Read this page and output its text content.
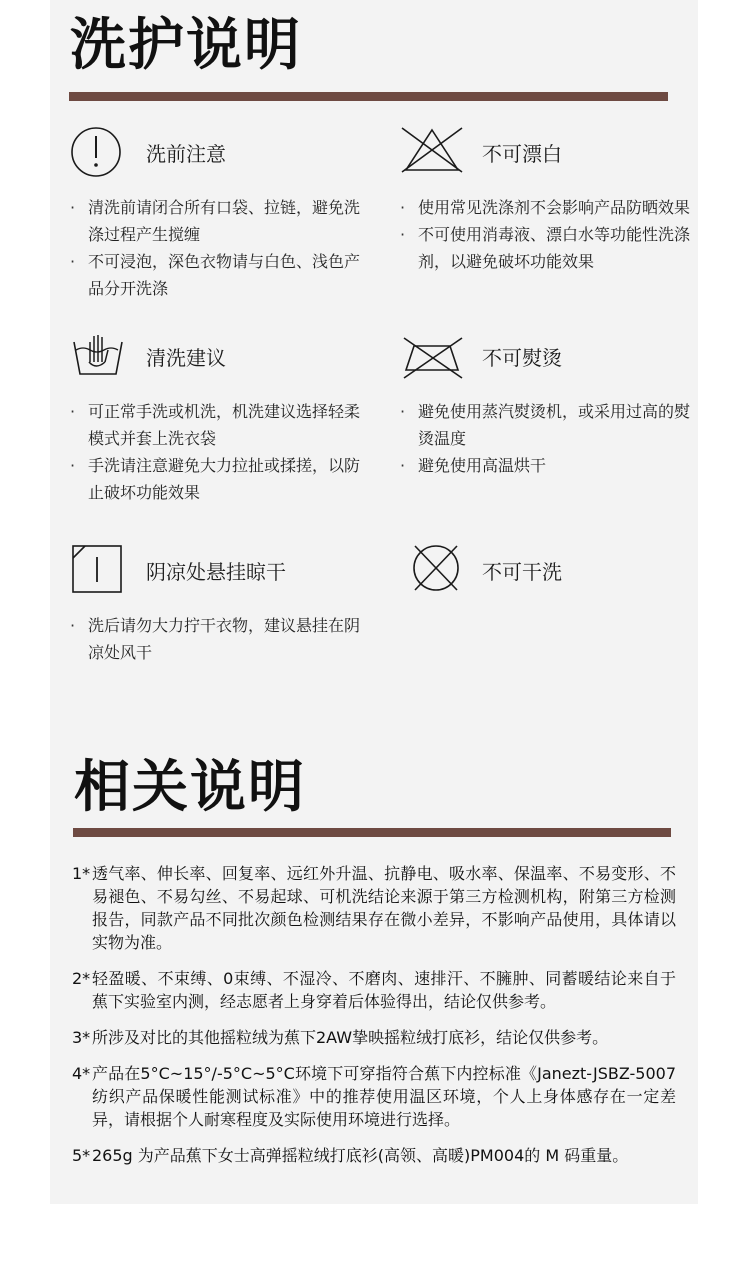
洗护说明
洗前注意
· 清洗前请闭合所有口袋、拉链，避免洗涤过程产生搅缠
· 不可浸泡，深色衣物请与白色、浅色产品分开洗涤
不可漂白
· 使用常见洗涤剂不会影响产品防晒效果
· 不可使用消毒液、漂白水等功能性洗涤剂，以避免破坏功能效果
清洗建议
· 可正常手洗或机洗，机洗建议选择轻柔模式并套上洗衣袋
· 手洗请注意避免大力拉扯或揉搓，以防止破坏功能效果
不可熨烫
· 避免使用蒸汽熨烫机，或采用过高的熨烫温度
· 避免使用高温烘干
阴凉处悬挂晾干
· 洗后请勿大力拧干衣物，建议悬挂在阴凉处风干
不可干洗
相关说明
1* 透气率、伸长率、回复率、远红外升温、抗静电、吸水率、保温率、不易变形、不易褪色、不易勾丝、不易起球、可机洗结论来源于第三方检测机构，附第三方检测报告，同款产品不同批次颜色检测结果存在微小差异，不影响产品使用，具体请以实物为准。
2* 轻盈暖、不束缚、0束缚、不湿冷、不磨肉、速排汗、不臃肿、同蓄暖结论来自于蕉下实验室内测，经志愿者上身穿着后体验得出，结论仅供参考。
3* 所涉及对比的其他摇粒绒为蕉下2AW挚映摇粒绒打底衫，结论仅供参考。
4* 产品在5°C~15°/-5°C~5°C环境下可穿指符合蕉下内控标准《Janezt-JSBZ-5007纺织产品保暖性能测试标准》中的推荐使用温区环境，个人上身体感存在一定差异，请根据个人耐寒程度及实际使用环境进行选择。
5* 265g 为产品蕉下女士高弹摇粒绒打底衫(高领、高暖)PM004的 M 码重量。
